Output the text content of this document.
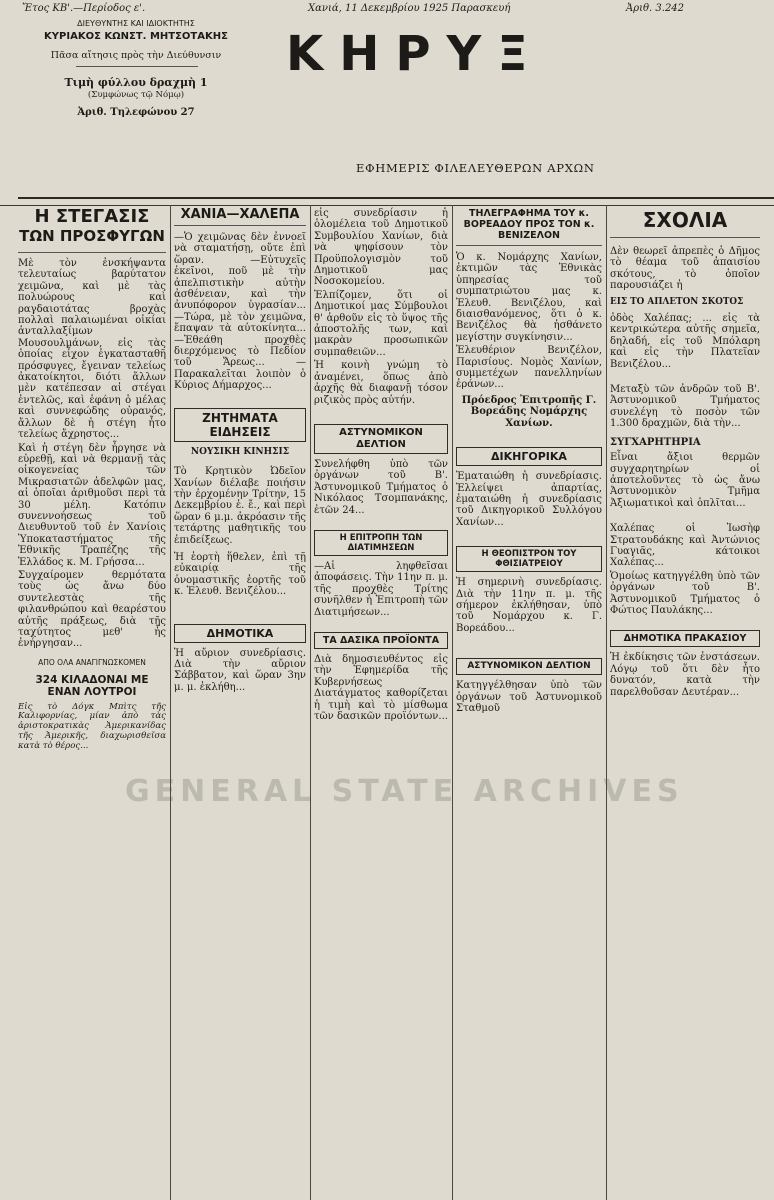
Ἔτος ΚΒ'.—Περίοδος ε'.	Χανιά, 11 Δεκεμβρίου 1925 Παρασκευή	Ἀριθ. 3.242
ΔΙΕΥΘΥΝΤΗΣ ΚΑΙ ΙΔΙΟΚΤΗΤΗΣ
ΚΥΡΙΑΚΟΣ ΚΩΝΣΤ. ΜΗΤΣΟΤΑΚΗΣ
Πᾶσα αἴτησις πρὸς τὴν Διεύθυνσιν
Τιμὴ φύλλου δραχμὴ 1
(Συμφώνως τῷ Νόμῳ)
Ἀριθ. Τηλεφώνου 27
ΚΗΡΥΞ
ΕΦΗΜΕΡΙΣ ΦΙΛΕΛΕΥΘΕΡΩΝ ΑΡΧΩΝ
Η ΣΤΕΓΑΣΙΣ
ΤΩΝ ΠΡΟΣΦΥΓΩΝ

Μὲ τὸν ἐνσκήψαντα τελευταίως βαρύτατον χειμῶνα, καὶ μὲ τὰς πολυώρους καὶ ραγδαιοτάτας βροχὰς πολλαὶ παλαιωμέναι οἰκίαι ἀνταλλαξίμων Μουσουλμάνων, εἰς τὰς ὁποίας εἶχον ἐγκατασταθῆ πρόσφυγες, ἔγειναν τελείως ἀκατοίκητοι, διότι ἄλλων μὲν κατέπεσαν αἱ στέγαι ἐντελῶς, καὶ ἐφάνη ὁ μέλας καὶ συννεφώδης οὐρανός, ἄλλων δὲ ἡ στέγη ἦτο τελείως ἄχρηστος...

Καὶ ἡ στέγη δὲν ἦργησε νὰ εὑρεθῇ, καὶ νὰ θερμανῇ τὰς οἰκογενείας τῶν Μικρασιατῶν ἀδελφῶν μας, αἱ ὁποῖαι ἀριθμοῦσι περὶ τὰ 30 μέλη. Κατόπιν συνεννοήσεως τοῦ Διευθυντοῦ τοῦ ἐν Χανίοις Ὑποκαταστήματος τῆς Ἐθνικῆς Τραπέζης τῆς Ἑλλάδος κ. Μ. Γρήσσα...

Συγχαίρομεν θερμότατα τοὺς ὡς ἄνω δύο συντελεστὰς τῆς φιλανθρώπου καὶ θεαρέστου αὐτῆς πράξεως, διὰ τῆς ταχύτητος μεθ' ἧς ἐνήργησαν...

ΑΠΟ ΟΛΑ ΑΝΑΓΙΓΝΩΣΚΟΜΕΝ
324 ΚΙΛΑΔΟΝΑΙ ΜΕ ΕΝΑΝ ΛΟΥΤΡΟΙ

Εἰς τὸ Δόγκ Μπὶτς τῆς Καλιφορνίας, μίαν ἀπὸ τὰς ἀριστοκρατικὰς Ἀμερικανίδας τῆς Ἀμερικῆς, διαχωρισθεῖσα κατὰ τὸ θέρος...

ΧΑΝΙΑ—ΧΑΛΕΠΑ

—Ὁ χειμῶνας δὲν ἐννοεῖ νὰ σταματήσῃ, οὔτε ἐπὶ ὥραν. —Εὐτυχεῖς ἐκεῖνοι, ποῦ μὲ τὴν ἀπελπιστικὴν αὐτὴν ἀσθένειαν, καὶ τὴν ἀνυπόφορον ὑγρασίαν... —Τώρα, μὲ τὸν χειμῶνα, ἔπαψαν τὰ αὐτοκίνητα... —Ἐθεάθη προχθὲς διερχόμενος τὸ Πεδίον τοῦ Ἄρεως... —Παρακαλεῖται λοιπὸν ὁ Κύριος Δήμαρχος...

ΖΗΤΗΜΑΤΑ ΕΙΔΗΣΕΙΣ
ΝΟΥΣΙΚΗ ΚΙΝΗΣΙΣ

Τὸ Κρητικὸν Ὠδεῖον Χανίων διέλαβε ποιήσιν τὴν ἐρχομένην Τρίτην, 15 Δεκεμβρίου ἐ. ἔ., καὶ περὶ ὥραν 6 μ.μ. ἀκρόασιν τῆς τετάρτης μαθητικῆς του ἐπιδείξεως.

Ἡ ἑορτὴ ἥθελεν, ἐπὶ τῇ εὐκαιρίᾳ τῆς ὀνομαστικῆς ἑορτῆς τοῦ κ. Ἐλευθ. Βενιζέλου...

ΔΗΜΟΤΙΚΑ

Ἡ αὔριον συνεδρίασις. Διὰ τὴν αὔριον Σάββατον, καὶ ὥραν 3ην μ. μ. ἐκλήθη...

εἰς συνεδρίασιν ἡ ὁλομέλεια τοῦ Δημοτικοῦ Συμβουλίου Χανίων, διὰ νὰ ψηφίσουν τὸν Προϋπολογισμὸν τοῦ Δημοτικοῦ μας Νοσοκομείου.

Ἐλπίζομεν, ὅτι οἱ Δημοτικοί μας Σύμβουλοι θ' ἀρθοῦν εἰς τὸ ὕψος τῆς ἀποστολῆς των, καὶ μακρὰν προσωπικῶν συμπαθειῶν...

Ἡ κοινὴ γνώμη τὸ ἀναμένει, ὅπως ἀπὸ ἀρχῆς θὰ διαφανῇ τόσον ριζικὸς πρὸς αὐτήν.

ΑΣΤΥΝΟΜΙΚΟΝ ΔΕΛΤΙΟΝ

Συνελήφθη ὑπὸ τῶν ὀργάνων τοῦ Β'. Ἀστυνομικοῦ Τμήματος ὁ Νικόλαος Τσομπανάκης, ἐτῶν 24...

Η ΕΠΙΤΡΟΠΗ ΤΩΝ ΔΙΑΤΙΜΗΣΕΩΝ

—Αἱ ληφθεῖσαι ἀποφάσεις. Τὴν 11ην π. μ. τῆς προχθὲς Τρίτης συνῆλθεν ἡ Ἐπιτροπὴ τῶν Διατιμήσεων...

ΤΑ ΔΑΣΙΚΑ ΠΡΟΪΟΝΤΑ

Διὰ δημοσιευθέντος εἰς τὴν Ἐφημερίδα τῆς Κυβερνήσεως Διατάγματος καθορίζεται ἡ τιμὴ καὶ τὸ μίσθωμα τῶν δασικῶν προϊόντων...

ΤΗΛΕΓΡΑΦΗΜΑ ΤΟΥ κ. ΒΟΡΕΑΔΟΥ ΠΡΟΣ ΤΟΝ κ. ΒΕΝΙΖΕΛΟΝ

Ὁ κ. Νομάρχης Χανίων, ἐκτιμῶν τὰς Ἐθνικὰς ὑπηρεσίας τοῦ συμπατριώτου μας κ. Ἐλευθ. Βενιζέλου, καὶ διαισθανόμενος, ὅτι ὁ κ. Βενιζέλος θὰ ἠσθάνετο μεγίστην συγκίνησιν...

Ἐλευθέριον Βενιζέλον, Παρισίους. Νομὸς Χανίων, συμμετέχων πανελληνίων ἐράνων...

Πρόεδρος Ἐπιτροπῆς Γ. Βορεάδης Νομάρχης Χανίων.

ΔΙΚΗΓΟΡΙΚΑ

Ἐματαιώθη ἡ συνεδρίασις. Ἐλλείψει ἀπαρτίας, ἐματαιώθη ἡ συνεδρίασις τοῦ Δικηγορικοῦ Συλλόγου Χανίων...

Η ΘΕΟΠΙΣΤΡΟΝ ΤΟΥ ΦΘΙΣΙΑΤΡΕΙΟΥ

Ἡ σημερινὴ συνεδρίασις. Διὰ τὴν 11ην π. μ. τῆς σήμερον ἐκλήθησαν, ὑπὸ τοῦ Νομάρχου κ. Γ. Βορεάδου...

ΑΣΤΥΝΟΜΙΚΟΝ ΔΕΛΤΙΟΝ

Κατηγγέλθησαν ὑπὸ τῶν ὀργάνων τοῦ Ἀστυνομικοῦ Σταθμοῦ

ΣΧΟΛΙΑ

Δὲν θεωρεῖ ἀπρεπὲς ὁ Δῆμος τὸ θέαμα τοῦ ἀπαισίου σκότους, τὸ ὁποῖον παρουσιάζει ἡ

ΕΙΣ ΤΟ ΑΠΛΕΤΟΝ ΣΚΟΤΟΣ

ὁδὸς Χαλέπας; ... εἰς τὰ κεντρικώτερα αὐτῆς σημεῖα, δηλαδή, εἰς τοῦ Μπόλαρη καὶ εἰς τὴν Πλατεῖαν Βενιζέλου...

Μεταξὺ τῶν ἀνδρῶν τοῦ Β'. Ἀστυνομικοῦ Τμήματος συνελέγη τὸ ποσὸν τῶν 1.300 δραχμῶν, διὰ τὴν...

ΣΥΓΧΑΡΗΤΗΡΙΑ

Εἶναι ἄξιοι θερμῶν συγχαρητηρίων οἱ ἀποτελοῦντες τὸ ὡς ἄνω Ἀστυνομικὸν Τμῆμα Ἀξιωματικοὶ καὶ ὁπλῖται...

Χαλέπας οἱ Ἰωσὴφ Στρατουδάκης καὶ Ἀντώνιος Γυαγιᾶς, κάτοικοι Χαλέπας...

Ὁμοίως κατηγγέλθη ὑπὸ τῶν ὀργάνων τοῦ Β'. Ἀστυνομικοῦ Τμήματος ὁ Φώτιος Παυλάκης...

ΔΗΜΟΤΙΚΑ ΠΡΑΚΑΣΙΟΥ

Ἡ ἐκδίκησις τῶν ἐνστάσεων. Λόγῳ τοῦ ὅτι δὲν ἦτο δυνατόν, κατὰ τὴν παρελθοῦσαν Δευτέραν...

GENERAL STATE ARCHIVES
